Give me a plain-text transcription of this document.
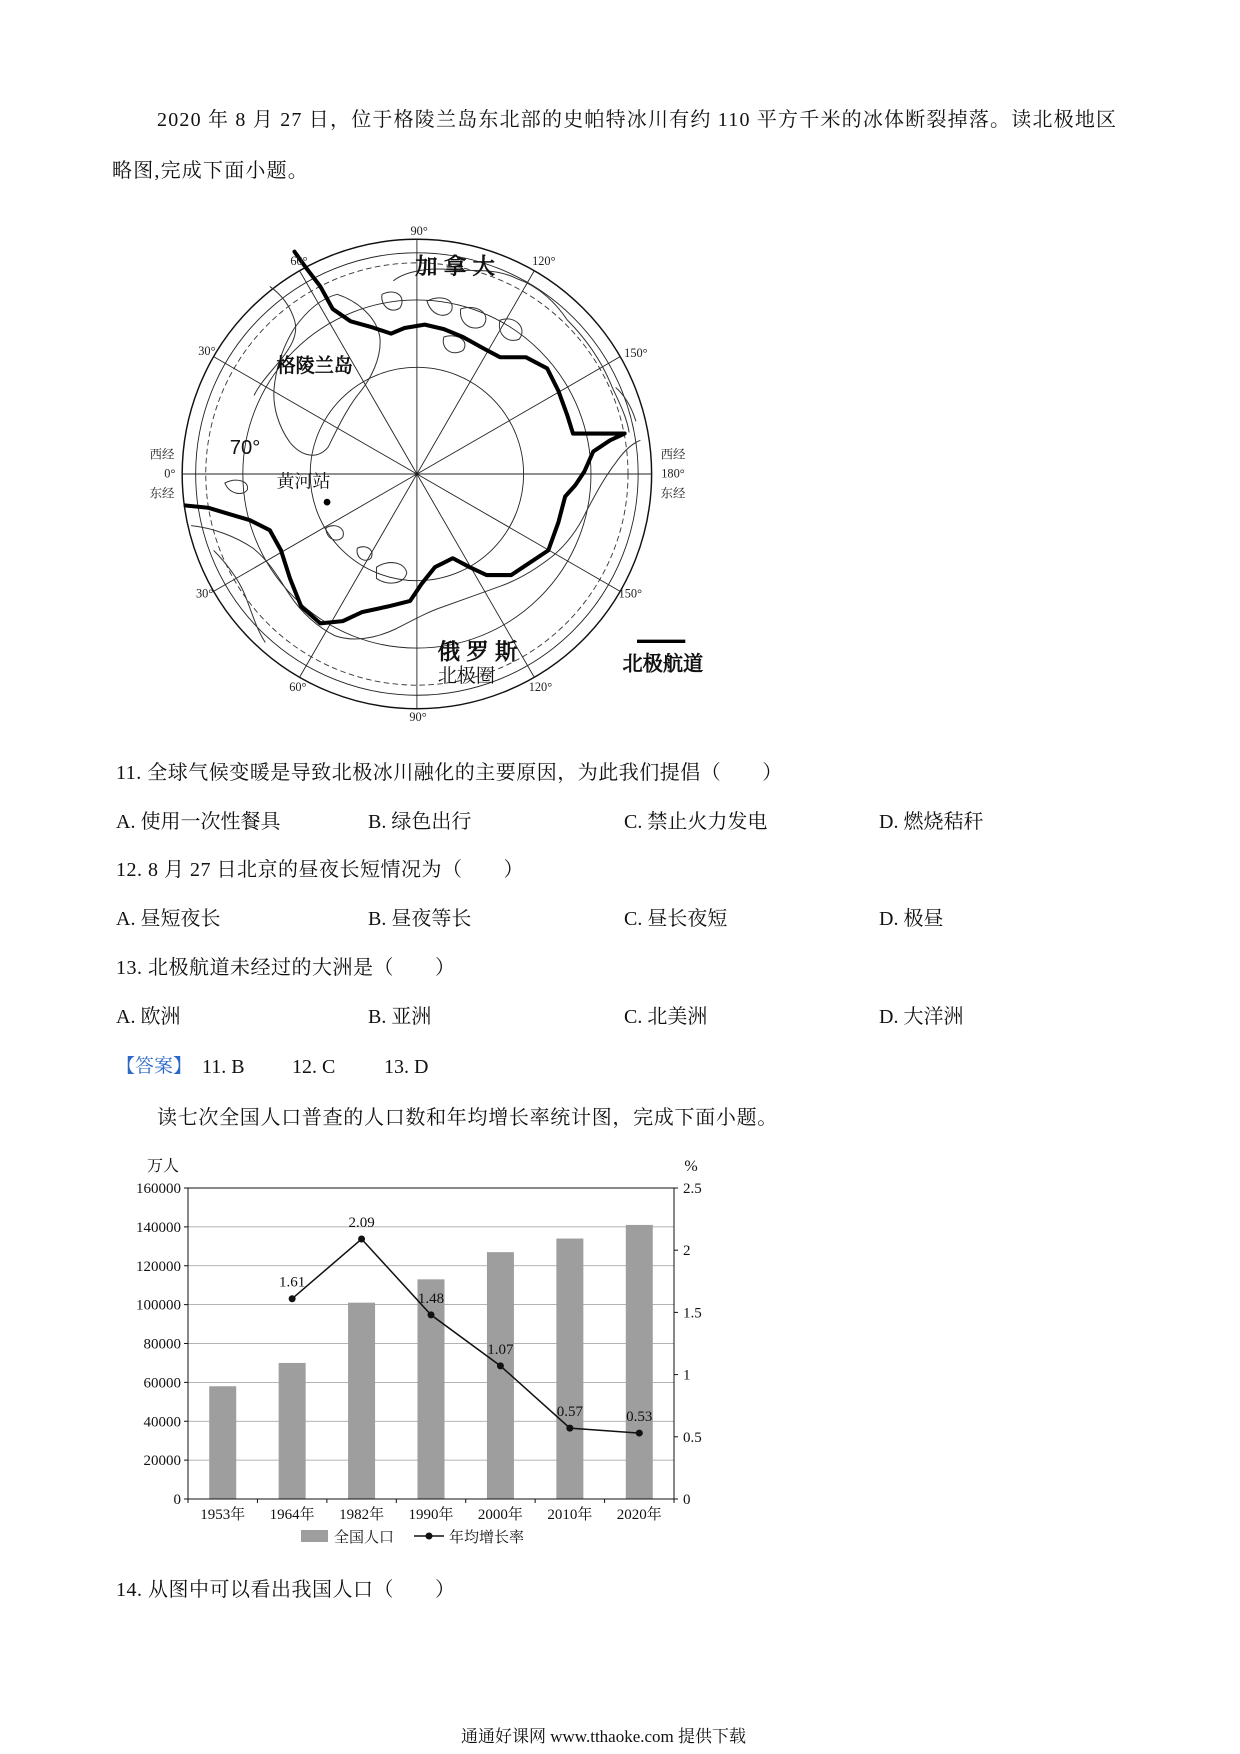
2020 年 8 月 27 日，位于格陵兰岛东北部的史帕特冰川有约 110 平方千米的冰体断裂掉落。读北极地区
略图,完成下面小题。
90°
60°	120°
30°	150°
30°	150°
60°	120°
90°
西经
0°
东经
西经
180°
东经
加 拿 大
格陵兰岛
70°
黄河站
俄 罗 斯
北极圈
北极航道
11. 全球气候变暖是导致北极冰川融化的主要原因，为此我们提倡（　　）
A. 使用一次性餐具	B. 绿色出行	C. 禁止火力发电	D. 燃烧秸秆
12. 8 月 27 日北京的昼夜长短情况为（　　）
A. 昼短夜长	B. 昼夜等长	C. 昼长夜短	D. 极昼
13. 北极航道未经过的大洲是（　　）
A. 欧洲	B. 亚洲	C. 北美洲	D. 大洋洲
【答案】 11. B 12. C 13. D
读七次全国人口普查的人口数和年均增长率统计图，完成下面小题。
万人	%
0
20000
40000
60000
80000
100000
120000
140000
160000
0
0.5
1
1.5
2
2.5
1953年 1964年 1982年 1990年 2000年 2010年 2020年
1.61
2.09
1.48
1.07
0.57	0.53
全国人口	年均增长率
14. 从图中可以看出我国人口（　　）
通通好课网 www.tthaoke.com 提供下载
